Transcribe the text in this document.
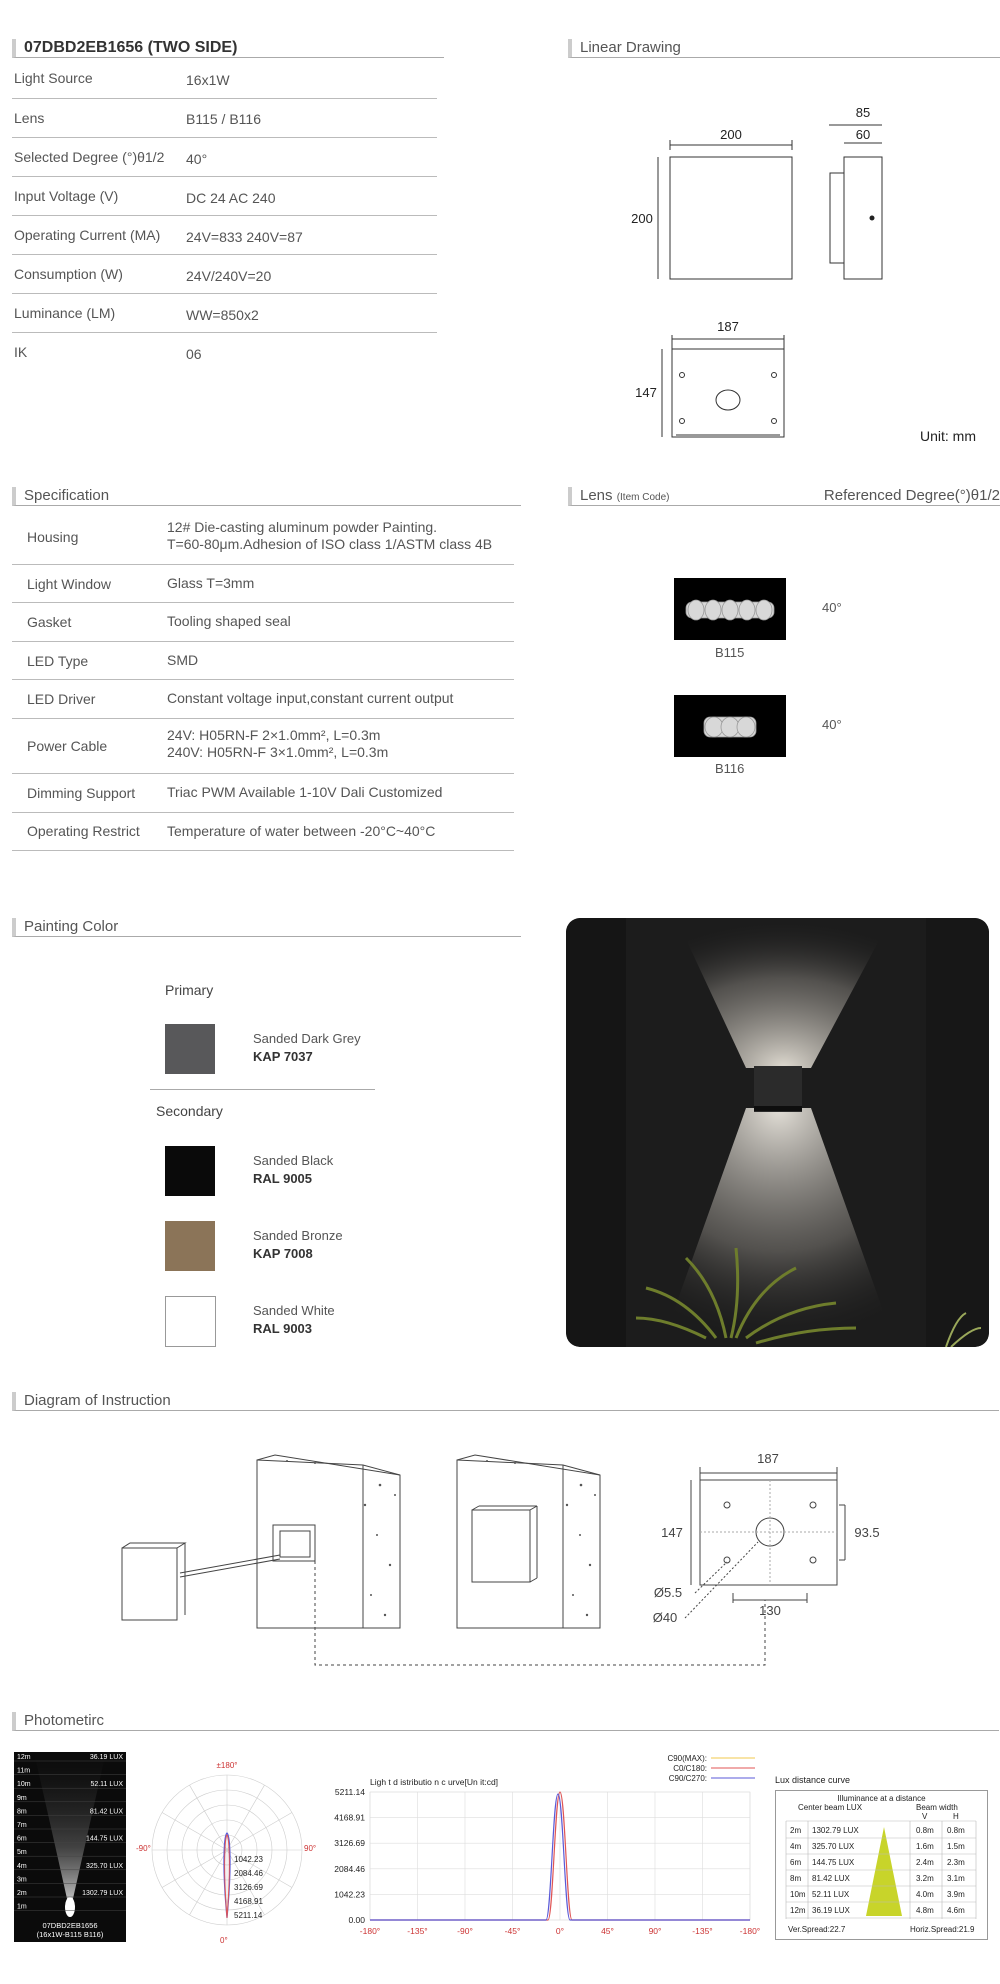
07DBD2EB1656 (TWO SIDE)
Light Source	16x1W
Lens	B115 / B116
Selected Degree (°)θ1/2 40°
Input Voltage (V)	DC 24 AC 240
Operating Current (MA) 24V=833 240V=87
Consumption (W)	24V/240V=20
Luminance (LM)	WW=850x2
IK	06
Linear Drawing
200
200
85
60
187
147
Unit: mm
Specification
Housing
12# Die-casting aluminum powder Painting.
T=60-80μm.Adhesion of ISO class 1/ASTM class 4B
Light Window	Glass T=3mm
Gasket	Tooling shaped seal
LED Type	SMD
LED Driver	Constant voltage input,constant current output
Power Cable
24V: H05RN-F 2×1.0mm², L=0.3m
240V: H05RN-F 3×1.0mm², L=0.3m
Dimming Support Triac PWM Available 1-10V Dali Customized
Operating Restrict Temperature of water between -20°C~40°C
Lens (Item Code)	Referenced Degree(°)θ1/2
B115
40°
B116
40°
Painting Color
Primary
Sanded Dark Grey
KAP 7037
Secondary
Sanded Black
RAL 9005
Sanded Bronze
KAP 7008
Sanded White
RAL 9003
Diagram of Instruction
187
147	93.5
Ø5.5
Ø40	130
Photometirc
12m
11m
10m
9m
8m
7m
6m
5m
4m
3m
2m
1m
36.19 LUX
52.11 LUX
81.42 LUX
144.75 LUX
325.70 LUX
1302.79 LUX
07DBD2EB1656
(16x1W-B115 B116)
±180°
-90°	90°
0°
1042.23
2084.46
3126.69
4168.91
5211.14
Ligh t d istributio n c urve[Un it:cd]
C90(MAX):
C0/C180:
C90/C270:
5211.14
4168.91
3126.69
2084.46
1042.23
0.00
-180°	-135°	-90°	-45°	0°	45°	90°	-135°	-180°
Lux distance curve
Illuminance at a distance
Center beam LUX	Beam width
V	H
2m 1302.79 LUX	0.8m 0.8m
4m 325.70 LUX	1.6m 1.5m
6m 144.75 LUX	2.4m 2.3m
8m 81.42 LUX	3.2m 3.1m
10m 52.11 LUX	4.0m 3.9m
12m 36.19 LUX	4.8m 4.6m
Ver.Spread:22.7	Horiz.Spread:21.9
